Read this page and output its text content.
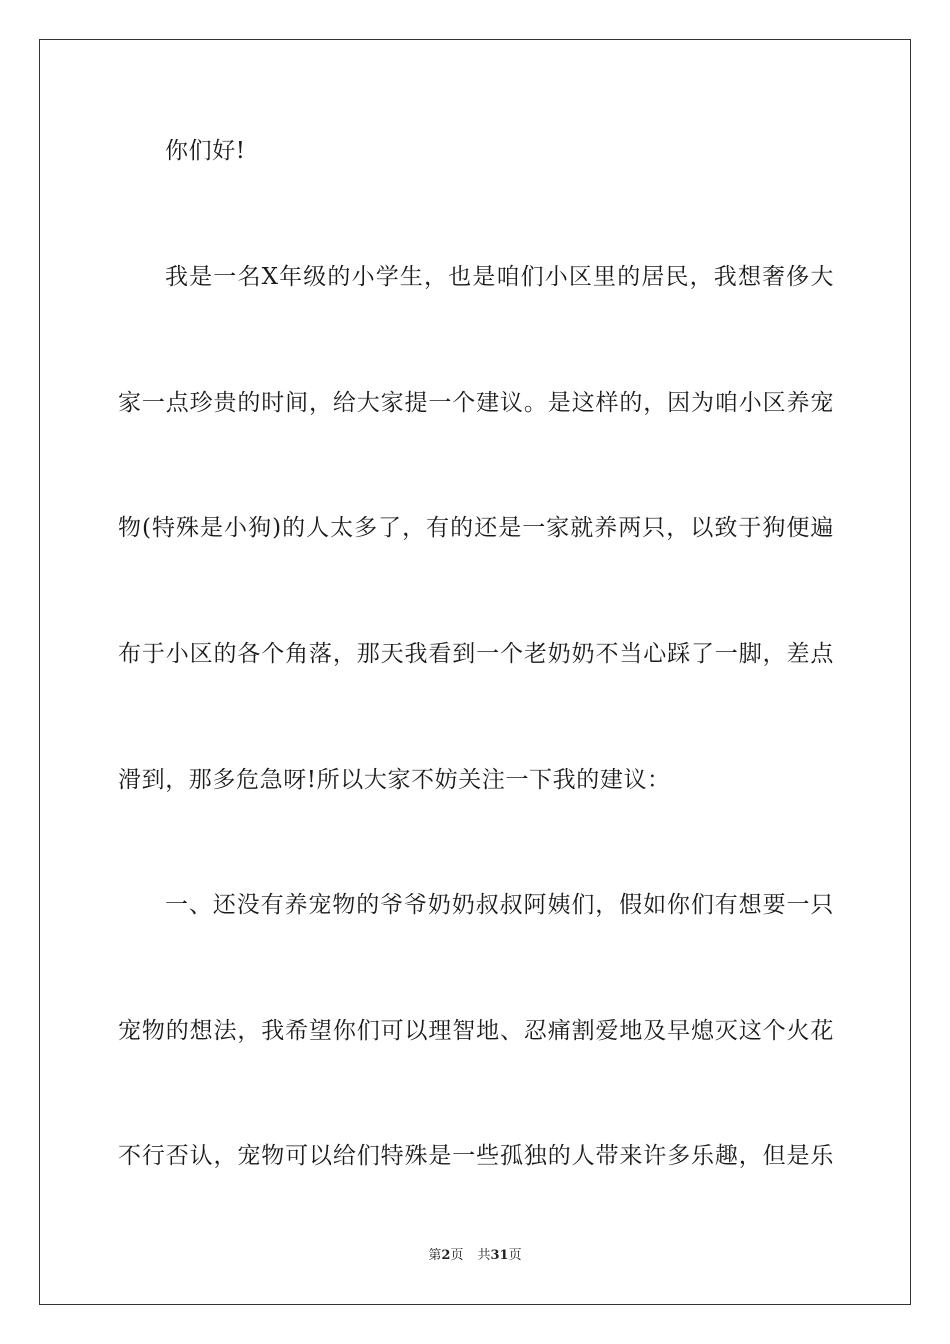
你们好!
我是一名X年级的小学生，也是咱们小区里的居民，我想奢侈大
家一点珍贵的时间，给大家提一个建议。是这样的，因为咱小区养宠
物(特殊是小狗)的人太多了，有的还是一家就养两只，以致于狗便遍
布于小区的各个角落，那天我看到一个老奶奶不当心踩了一脚，差点
滑到，那多危急呀!所以大家不妨关注一下我的建议：
一、还没有养宠物的爷爷奶奶叔叔阿姨们，假如你们有想要一只
宠物的想法，我希望你们可以理智地、忍痛割爱地及早熄灭这个火花
不行否认，宠物可以给们特殊是一些孤独的人带来许多乐趣，但是乐
第2页 共31页
